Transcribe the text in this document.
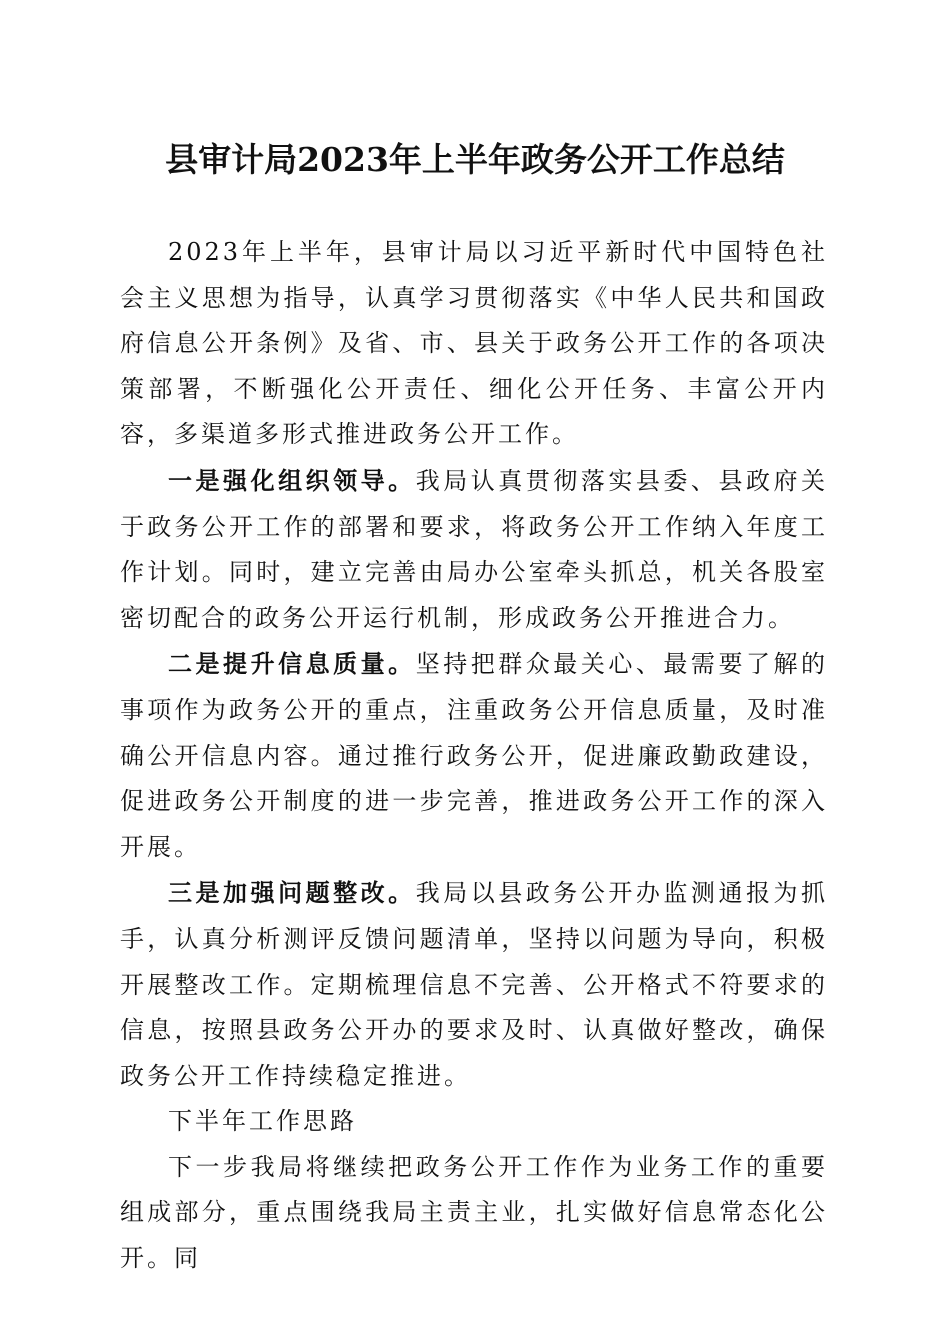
县审计局2023年上半年政务公开工作总结

2023年上半年，县审计局以习近平新时代中国特色社会主义思想为指导，认真学习贯彻落实《中华人民共和国政府信息公开条例》及省、市、县关于政务公开工作的各项决策部署，不断强化公开责任、细化公开任务、丰富公开内容，多渠道多形式推进政务公开工作。

一是强化组织领导。我局认真贯彻落实县委、县政府关于政务公开工作的部署和要求，将政务公开工作纳入年度工作计划。同时，建立完善由局办公室牵头抓总，机关各股室密切配合的政务公开运行机制，形成政务公开推进合力。

二是提升信息质量。坚持把群众最关心、最需要了解的事项作为政务公开的重点，注重政务公开信息质量，及时准确公开信息内容。通过推行政务公开，促进廉政勤政建设，促进政务公开制度的进一步完善，推进政务公开工作的深入开展。

三是加强问题整改。我局以县政务公开办监测通报为抓手，认真分析测评反馈问题清单，坚持以问题为导向，积极开展整改工作。定期梳理信息不完善、公开格式不符要求的信息，按照县政务公开办的要求及时、认真做好整改，确保政务公开工作持续稳定推进。

下半年工作思路

下一步我局将继续把政务公开工作作为业务工作的重要组成部分，重点围绕我局主责主业，扎实做好信息常态化公开。同
